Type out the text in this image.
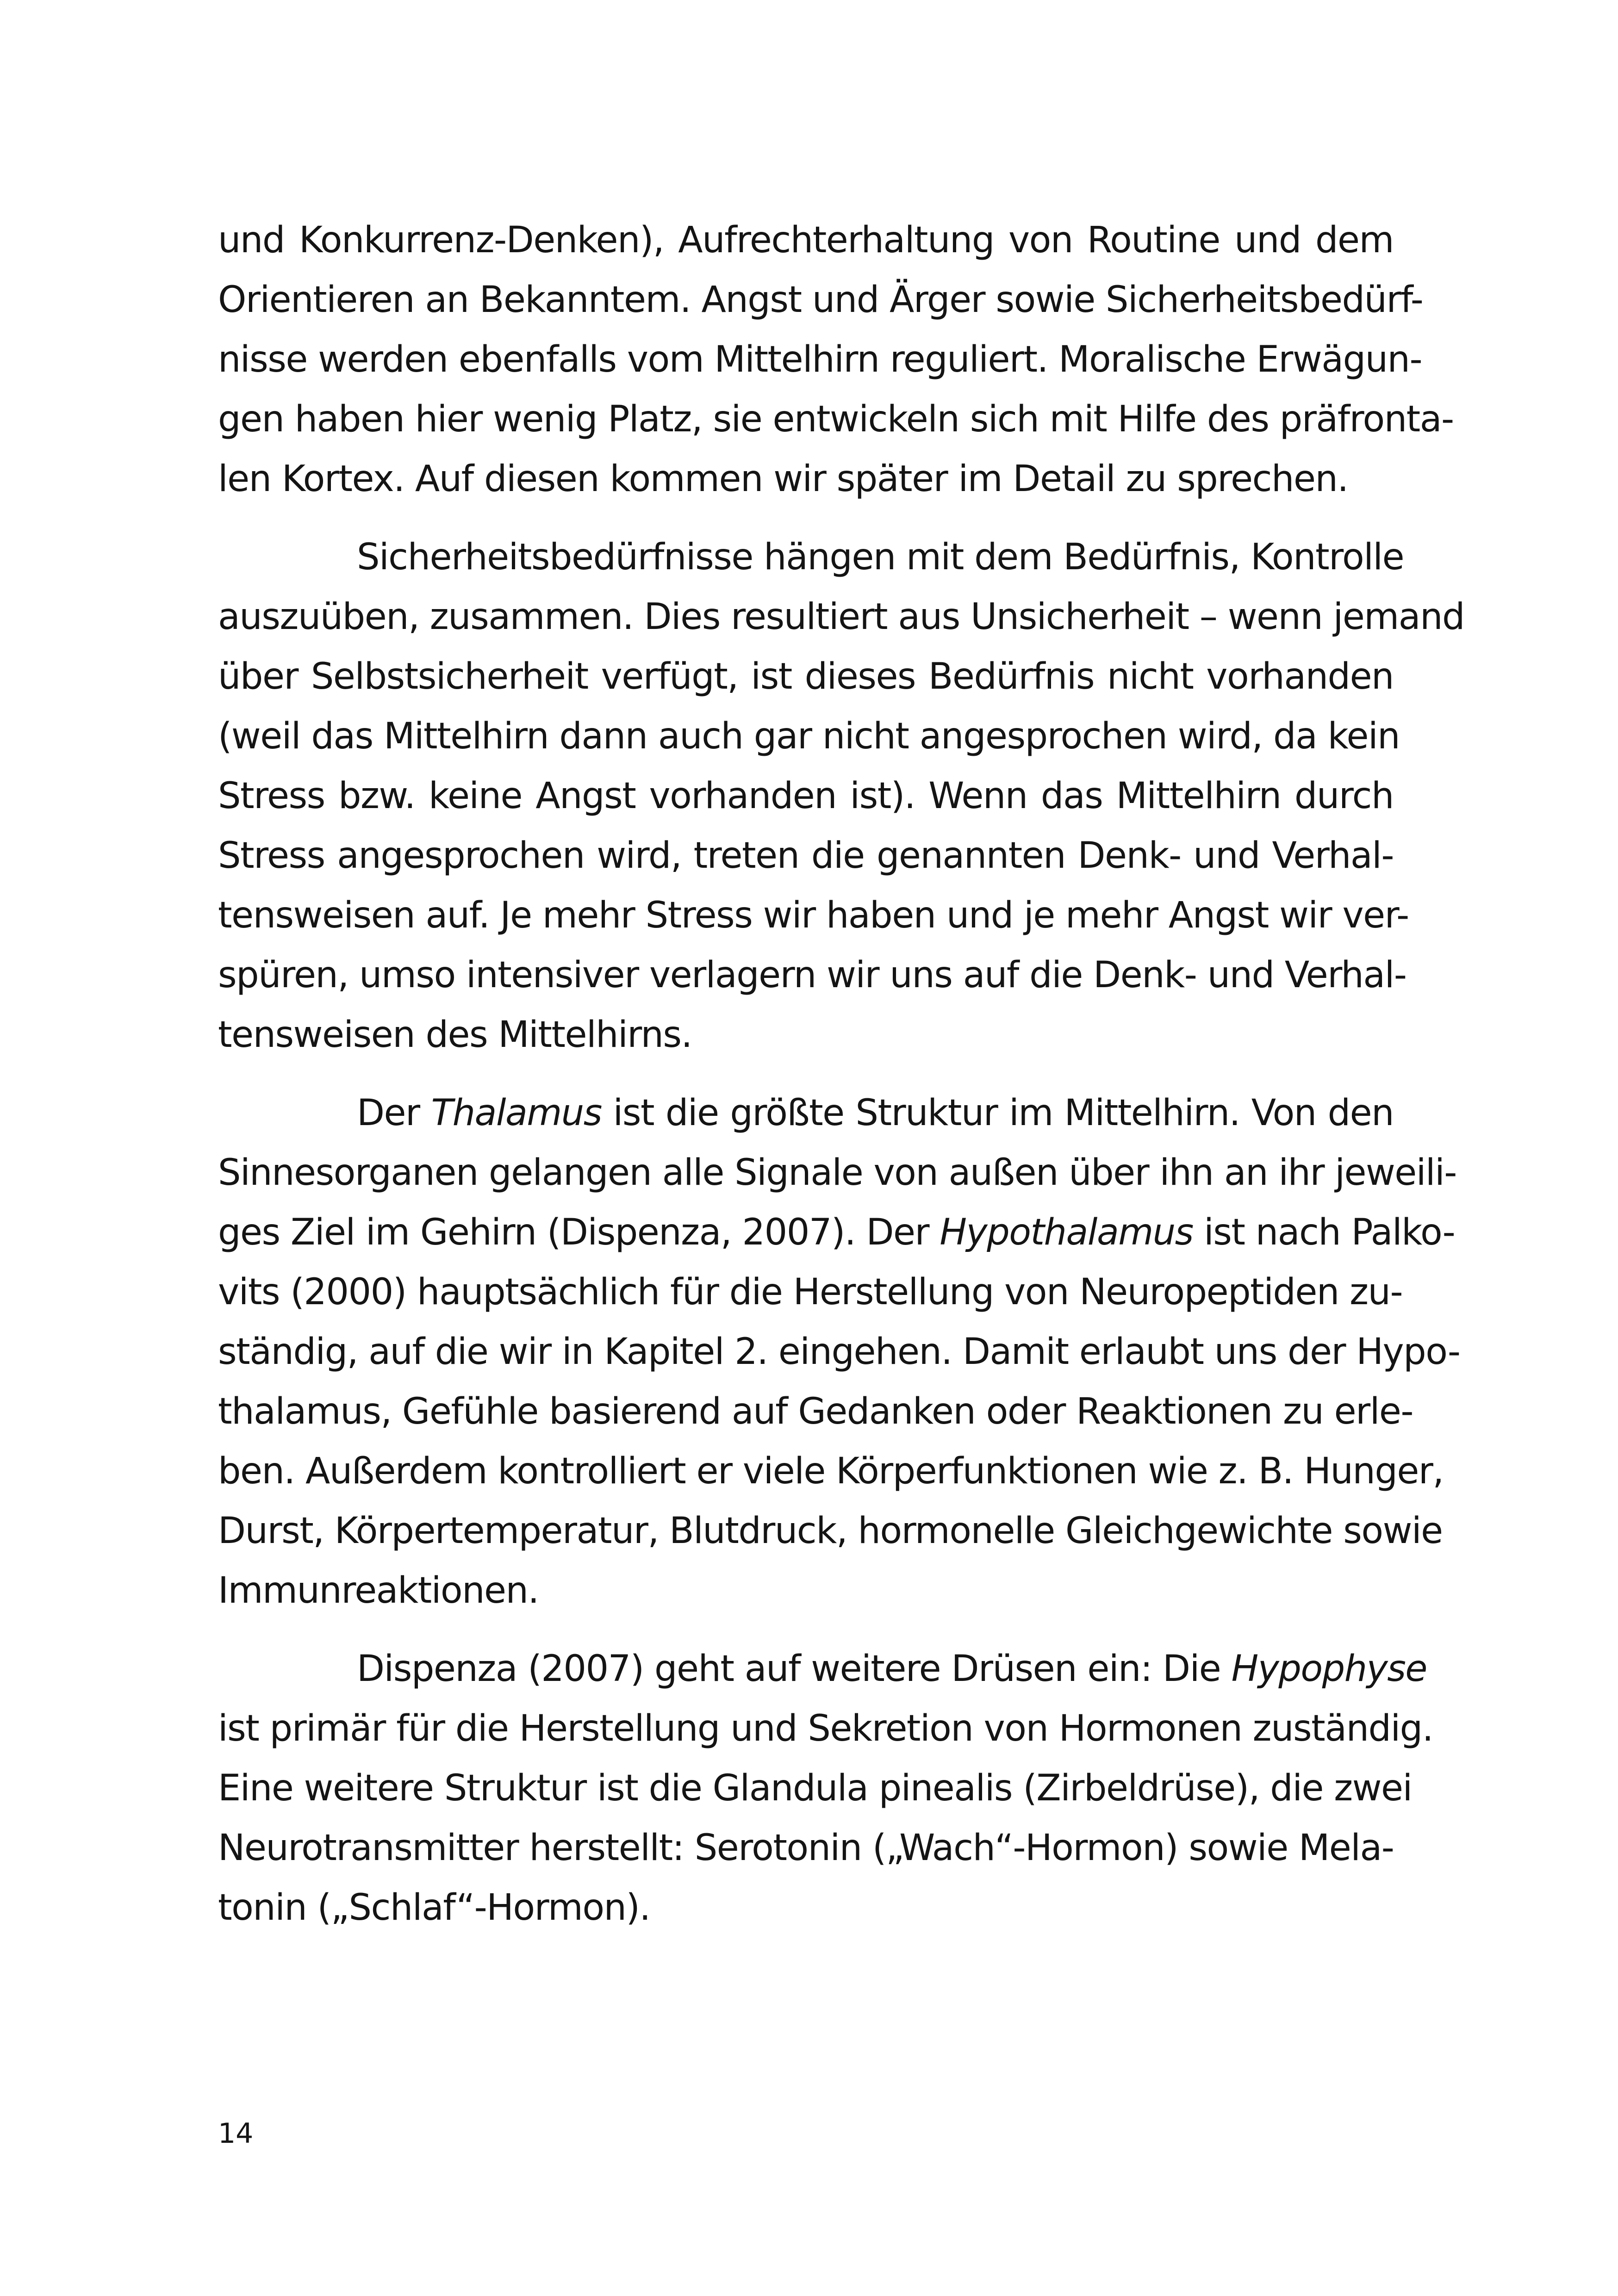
und Konkurrenz-Denken), Aufrechterhaltung von Routine und dem
Orientieren an Bekanntem. Angst und Ärger sowie Sicherheitsbedürf-
nisse werden ebenfalls vom Mittelhirn reguliert. Moralische Erwägun-
gen haben hier wenig Platz, sie entwickeln sich mit Hilfe des präfronta-
len Kortex. Auf diesen kommen wir später im Detail zu sprechen.
Sicherheitsbedürfnisse hängen mit dem Bedürfnis, Kontrolle
auszuüben, zusammen. Dies resultiert aus Unsicherheit – wenn jemand
über Selbstsicherheit verfügt, ist dieses Bedürfnis nicht vorhanden
(weil das Mittelhirn dann auch gar nicht angesprochen wird, da kein
Stress bzw. keine Angst vorhanden ist). Wenn das Mittelhirn durch
Stress angesprochen wird, treten die genannten Denk- und Verhal-
tensweisen auf. Je mehr Stress wir haben und je mehr Angst wir ver-
spüren, umso intensiver verlagern wir uns auf die Denk- und Verhal-
tensweisen des Mittelhirns.
Der Thalamus ist die größte Struktur im Mittelhirn. Von den
Sinnesorganen gelangen alle Signale von außen über ihn an ihr jeweili-
ges Ziel im Gehirn (Dispenza, 2007). Der Hypothalamus ist nach Palko-
vits (2000) hauptsächlich für die Herstellung von Neuropeptiden zu-
ständig, auf die wir in Kapitel 2. eingehen. Damit erlaubt uns der Hypo-
thalamus, Gefühle basierend auf Gedanken oder Reaktionen zu erle-
ben. Außerdem kontrolliert er viele Körperfunktionen wie z. B. Hunger,
Durst, Körpertemperatur, Blutdruck, hormonelle Gleichgewichte sowie
Immunreaktionen.
Dispenza (2007) geht auf weitere Drüsen ein: Die Hypophyse
ist primär für die Herstellung und Sekretion von Hormonen zuständig.
Eine weitere Struktur ist die Glandula pinealis (Zirbeldrüse), die zwei
Neurotransmitter herstellt: Serotonin („Wach“-Hormon) sowie Mela-
tonin („Schlaf“-Hormon).
14
